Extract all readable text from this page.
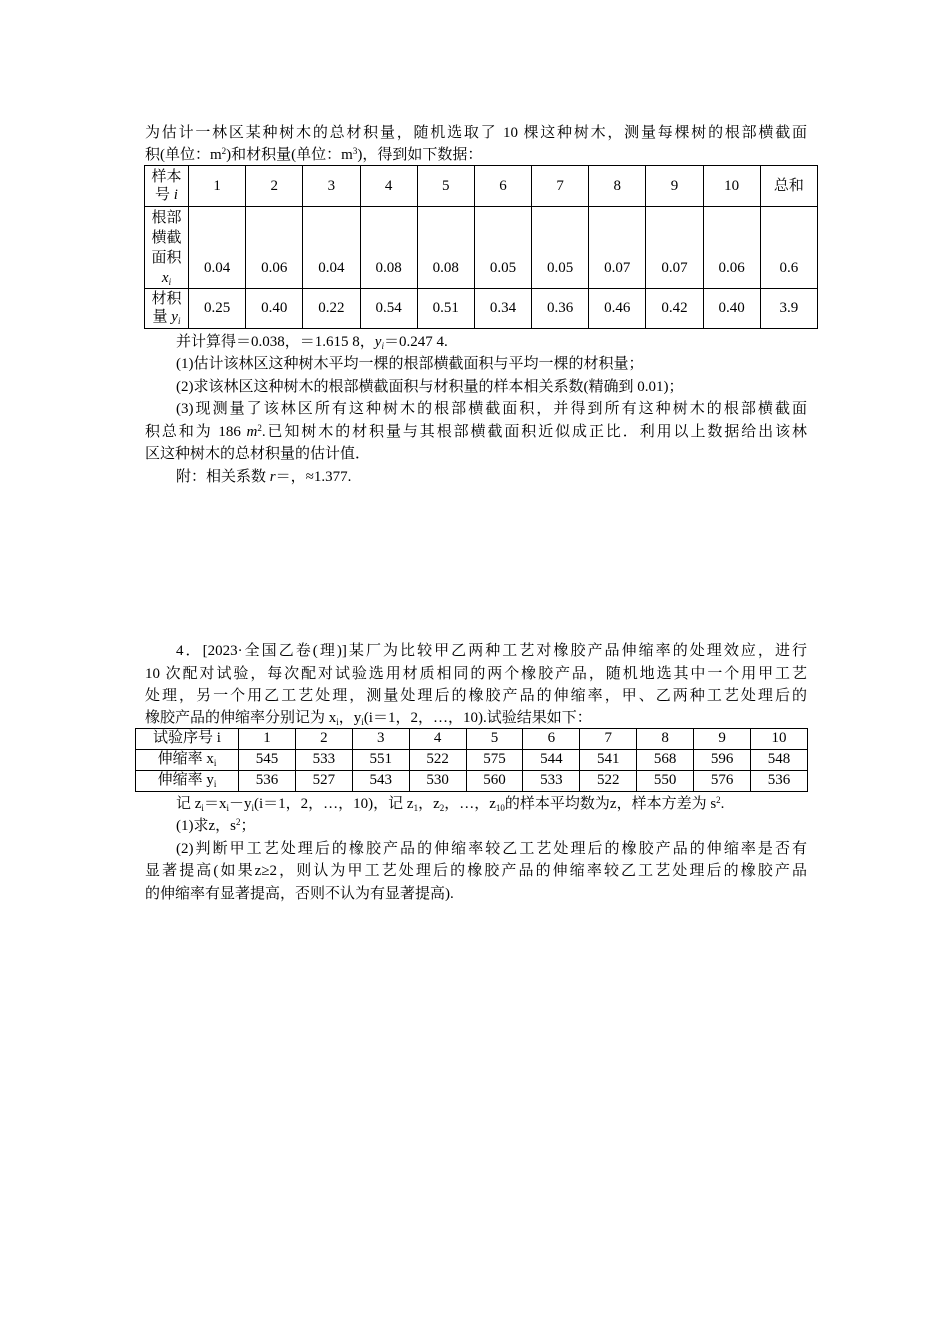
为估计一林区某种树木的总材积量，随机选取了 10 棵这种树木，测量每棵树的根部横截面

积(单位：$m^2$)和材积量(单位：$m^3$)，得到如下数据：

样本
号 i	1	2	3	4	5	6	7	8	9	10	总和
根部
横截
面积
$x_i$	0.04	0.06	0.04	0.08	0.08	0.05	0.05	0.07	0.07	0.06	0.6
材积
量 $y_i$	0.25	0.40	0.22	0.54	0.51	0.34	0.36	0.46	0.42	0.40	3.9

并计算得＝0.038，＝1.615 8，$y_i=0.247$ 4.

(1)估计该林区这种树木平均一棵的根部横截面积与平均一棵的材积量；

(2)求该林区这种树木的根部横截面积与材积量的样本相关系数(精确到 0.01)；

(3)现测量了该林区所有这种树木的根部横截面积，并得到所有这种树木的根部横截面

积总和为 186 $m^2$.已知树木的材积量与其根部横截面积近似成正比．利用以上数据给出该林

区这种树木的总材积量的估计值．

附：相关系数 r＝，≈1.377.

4．[2023·全国乙卷(理)]某厂为比较甲乙两种工艺对橡胶产品伸缩率的处理效应，进行

10 次配对试验，每次配对试验选用材质相同的两个橡胶产品，随机地选其中一个用甲工艺

处理，另一个用乙工艺处理，测量处理后的橡胶产品的伸缩率，甲、乙两种工艺处理后的

橡胶产品的伸缩率分别记为 $x_i$，$y_i(i=1$，2，…，10).试验结果如下：

试验序号 i	1	2	3	4	5	6	7	8	9	10
伸缩率 $x_i$	545	533	551	522	575	544	541	568	596	548
伸缩率 $y_i$	536	527	543	530	560	533	522	550	576	536

记 $z_i=x_i-y_i(i=1$，2，…，10)，记 $z_1$，$z_2$，…，$z_{10}$的样本平均数为z，样本方差为 $s^2$.

(1)求z，$s^2$；

(2)判断甲工艺处理后的橡胶产品的伸缩率较乙工艺处理后的橡胶产品的伸缩率是否有

显著提高(如果z≥2，则认为甲工艺处理后的橡胶产品的伸缩率较乙工艺处理后的橡胶产品

的伸缩率有显著提高，否则不认为有显著提高).
